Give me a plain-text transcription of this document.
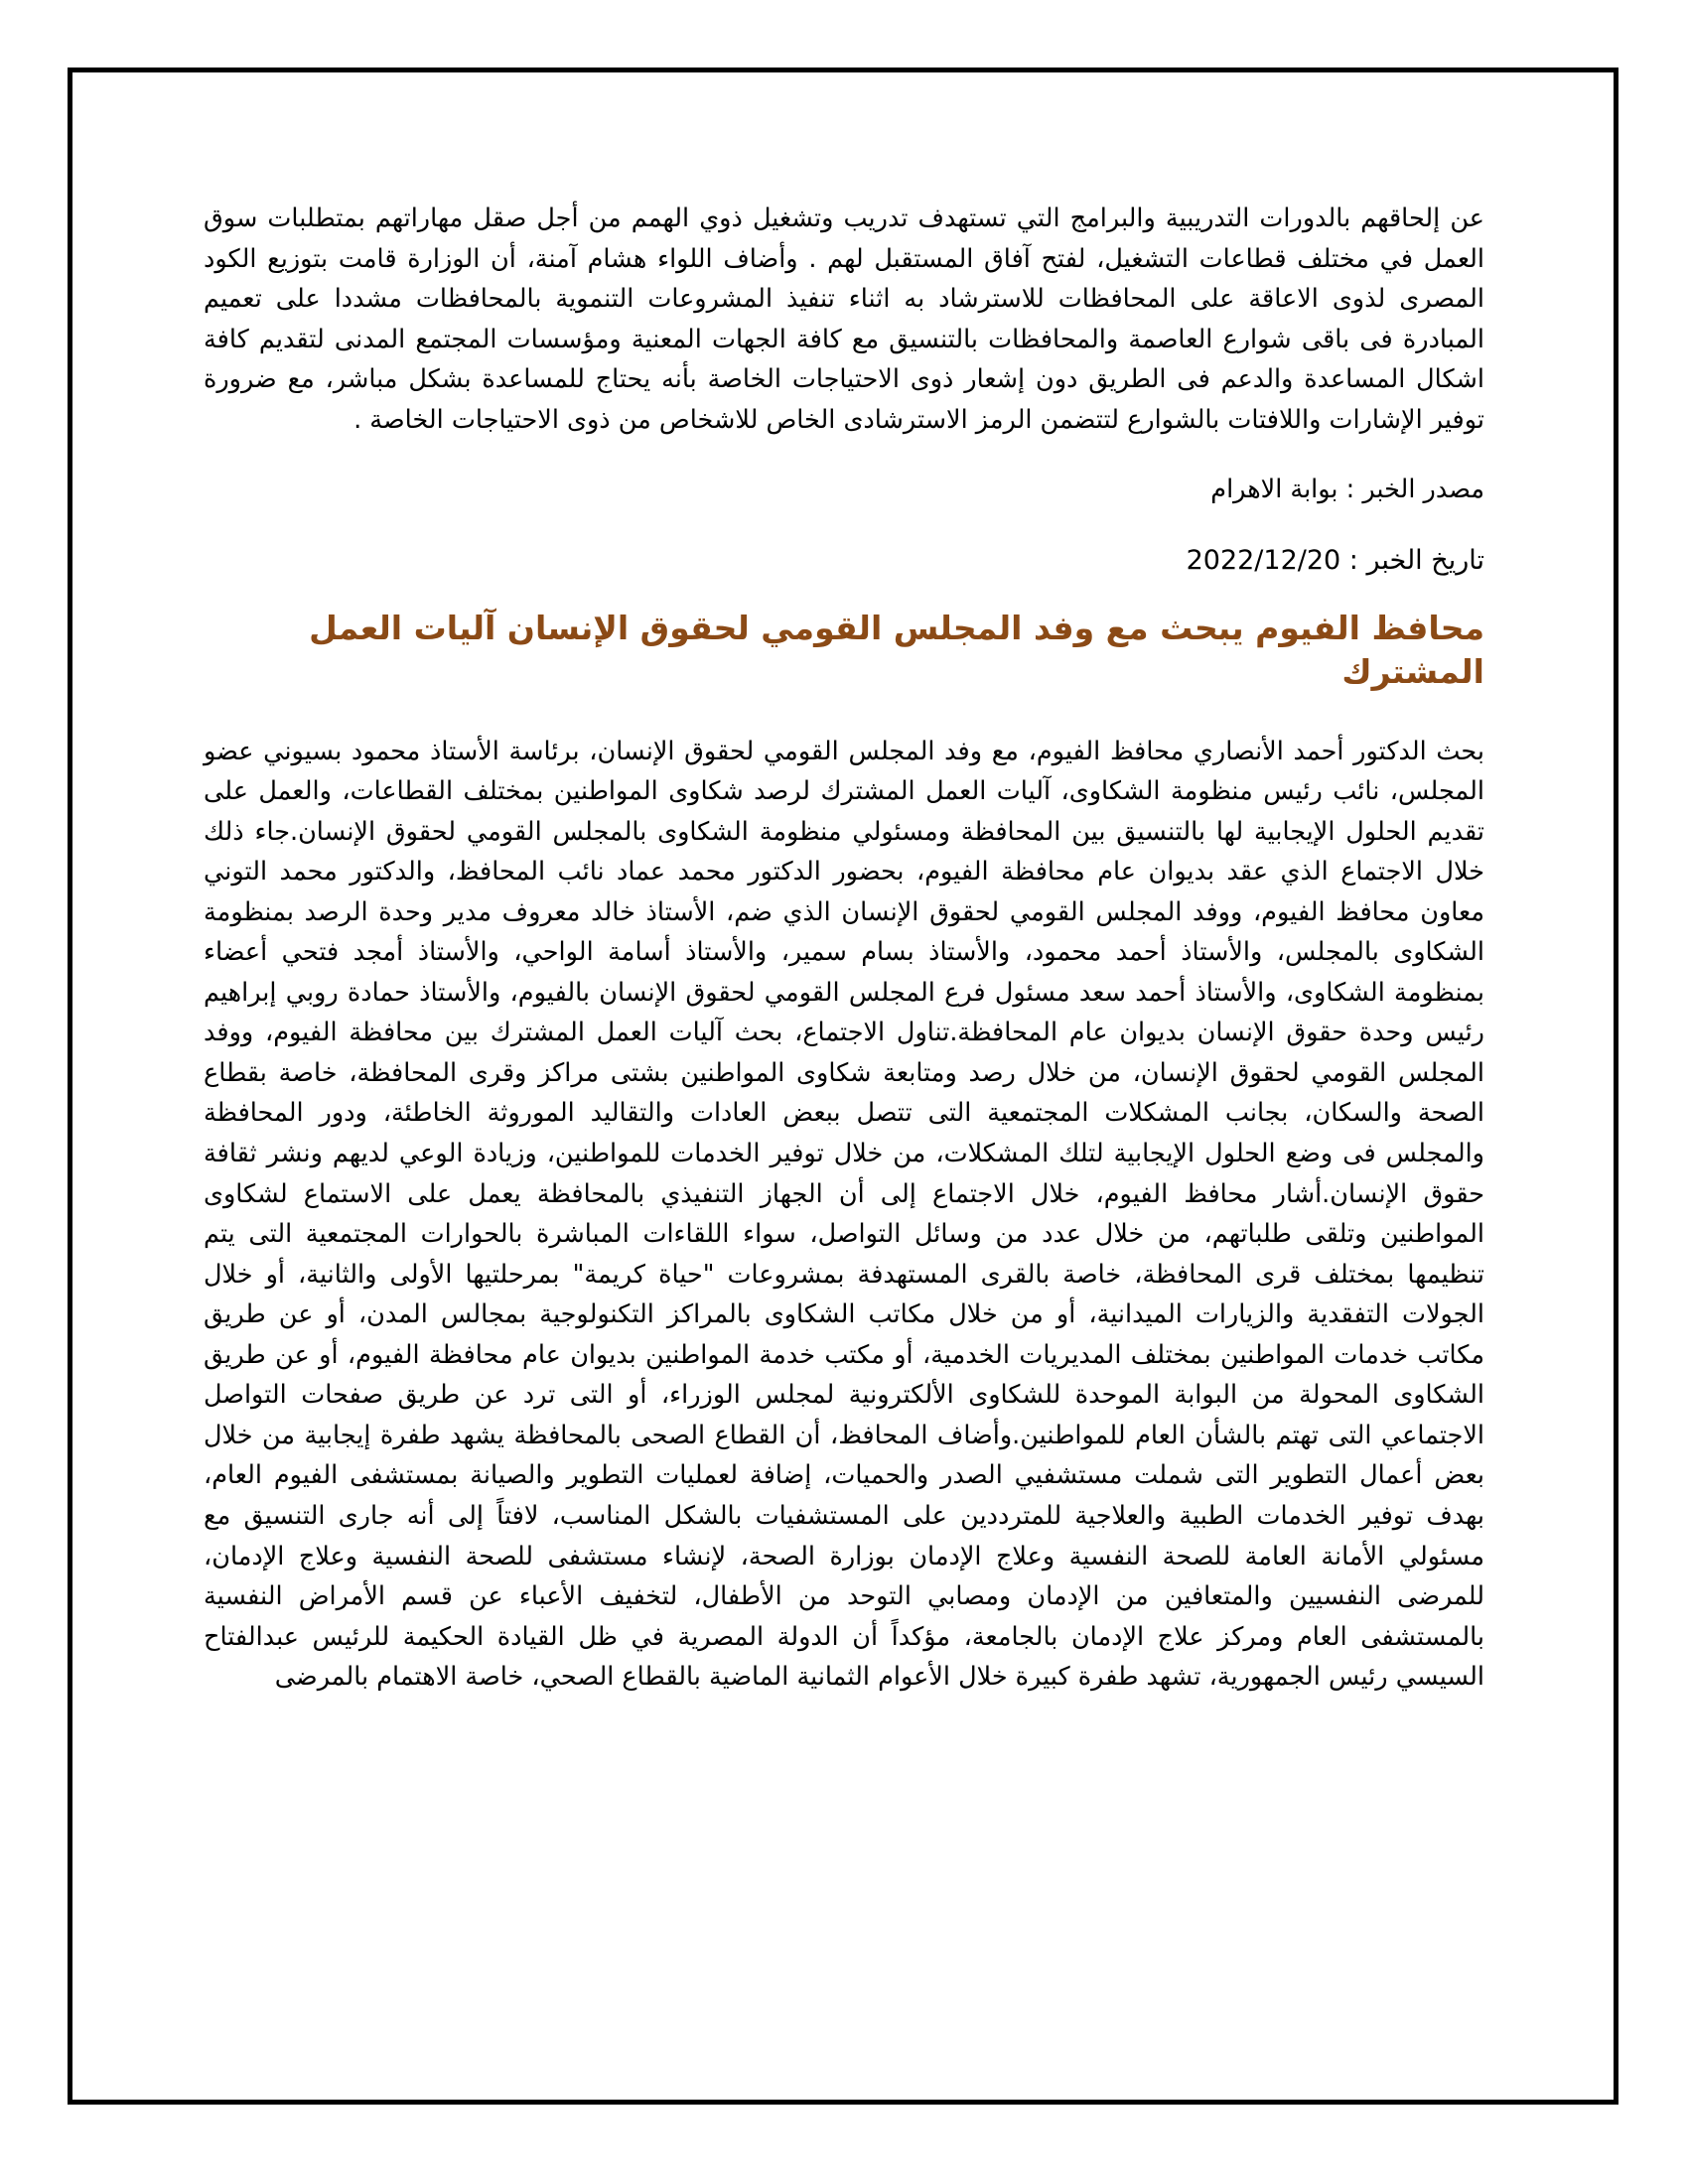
عن إلحاقهم بالدورات التدريبية والبرامج التي تستهدف تدريب وتشغيل ذوي الهمم من أجل صقل مهاراتهم بمتطلبات سوق العمل في مختلف قطاعات التشغيل، لفتح آفاق المستقبل لهم . وأضاف اللواء هشام آمنة، أن الوزارة قامت بتوزيع الكود المصرى لذوى الاعاقة على المحافظات للاسترشاد به اثناء تنفيذ المشروعات التنموية بالمحافظات مشددا على تعميم المبادرة فى باقى شوارع العاصمة والمحافظات بالتنسيق مع كافة الجهات المعنية ومؤسسات المجتمع المدنى لتقديم كافة اشكال المساعدة والدعم فى الطريق دون إشعار ذوى الاحتياجات الخاصة بأنه يحتاج للمساعدة بشكل مباشر، مع ضرورة توفير الإشارات واللافتات بالشوارع لتتضمن الرمز الاسترشادى الخاص للاشخاص من ذوى الاحتياجات الخاصة .

مصدر الخبر : بوابة الاهرام

تاريخ الخبر : 2022/12/20

محافظ الفيوم يبحث مع وفد المجلس القومي لحقوق الإنسان آليات العمل المشترك

بحث الدكتور أحمد الأنصاري محافظ الفيوم، مع وفد المجلس القومي لحقوق الإنسان، برئاسة الأستاذ محمود بسيوني عضو المجلس، نائب رئيس منظومة الشكاوى، آليات العمل المشترك لرصد شكاوى المواطنين بمختلف القطاعات، والعمل على تقديم الحلول الإيجابية لها بالتنسيق بين المحافظة ومسئولي منظومة الشكاوى بالمجلس القومي لحقوق الإنسان.جاء ذلك خلال الاجتماع الذي عقد بديوان عام محافظة الفيوم، بحضور الدكتور محمد عماد نائب المحافظ، والدكتور محمد التوني معاون محافظ الفيوم، ووفد المجلس القومي لحقوق الإنسان الذي ضم، الأستاذ خالد معروف مدير وحدة الرصد بمنظومة الشكاوى بالمجلس، والأستاذ أحمد محمود، والأستاذ بسام سمير، والأستاذ أسامة الواحي، والأستاذ أمجد فتحي أعضاء بمنظومة الشكاوى، والأستاذ أحمد سعد مسئول فرع المجلس القومي لحقوق الإنسان بالفيوم، والأستاذ حمادة روبي إبراهيم رئيس وحدة حقوق الإنسان بديوان عام المحافظة.تناول الاجتماع، بحث آليات العمل المشترك بين محافظة الفيوم، ووفد المجلس القومي لحقوق الإنسان، من خلال رصد ومتابعة شكاوى المواطنين بشتى مراكز وقرى المحافظة، خاصة بقطاع الصحة والسكان، بجانب المشكلات المجتمعية التى تتصل ببعض العادات والتقاليد الموروثة الخاطئة، ودور المحافظة والمجلس فى وضع الحلول الإيجابية لتلك المشكلات، من خلال توفير الخدمات للمواطنين، وزيادة الوعي لديهم ونشر ثقافة حقوق الإنسان.أشار محافظ الفيوم، خلال الاجتماع إلى أن الجهاز التنفيذي بالمحافظة يعمل على الاستماع لشكاوى المواطنين وتلقى طلباتهم، من خلال عدد من وسائل التواصل، سواء اللقاءات المباشرة بالحوارات المجتمعية التى يتم تنظيمها بمختلف قرى المحافظة، خاصة بالقرى المستهدفة بمشروعات "حياة كريمة" بمرحلتيها الأولى والثانية، أو خلال الجولات التفقدية والزيارات الميدانية، أو من خلال مكاتب الشكاوى بالمراكز التكنولوجية بمجالس المدن، أو عن طريق مكاتب خدمات المواطنين بمختلف المديريات الخدمية، أو مكتب خدمة المواطنين بديوان عام محافظة الفيوم، أو عن طريق الشكاوى المحولة من البوابة الموحدة للشكاوى الألكترونية لمجلس الوزراء، أو التى ترد عن طريق صفحات التواصل الاجتماعي التى تهتم بالشأن العام للمواطنين.وأضاف المحافظ، أن القطاع الصحى بالمحافظة يشهد طفرة إيجابية من خلال بعض أعمال التطوير التى شملت مستشفيي الصدر والحميات، إضافة لعمليات التطوير والصيانة بمستشفى الفيوم العام، بهدف توفير الخدمات الطبية والعلاجية للمترددين على المستشفيات بالشكل المناسب، لافتاً إلى أنه جارى التنسيق مع مسئولي الأمانة العامة للصحة النفسية وعلاج الإدمان بوزارة الصحة، لإنشاء مستشفى للصحة النفسية وعلاج الإدمان، للمرضى النفسيين والمتعافين من الإدمان ومصابي التوحد من الأطفال، لتخفيف الأعباء عن قسم الأمراض النفسية بالمستشفى العام ومركز علاج الإدمان بالجامعة، مؤكداً أن الدولة المصرية في ظل القيادة الحكيمة للرئيس عبدالفتاح السيسي رئيس الجمهورية، تشهد طفرة كبيرة خلال الأعوام الثمانية الماضية بالقطاع الصحي، خاصة الاهتمام بالمرضى
